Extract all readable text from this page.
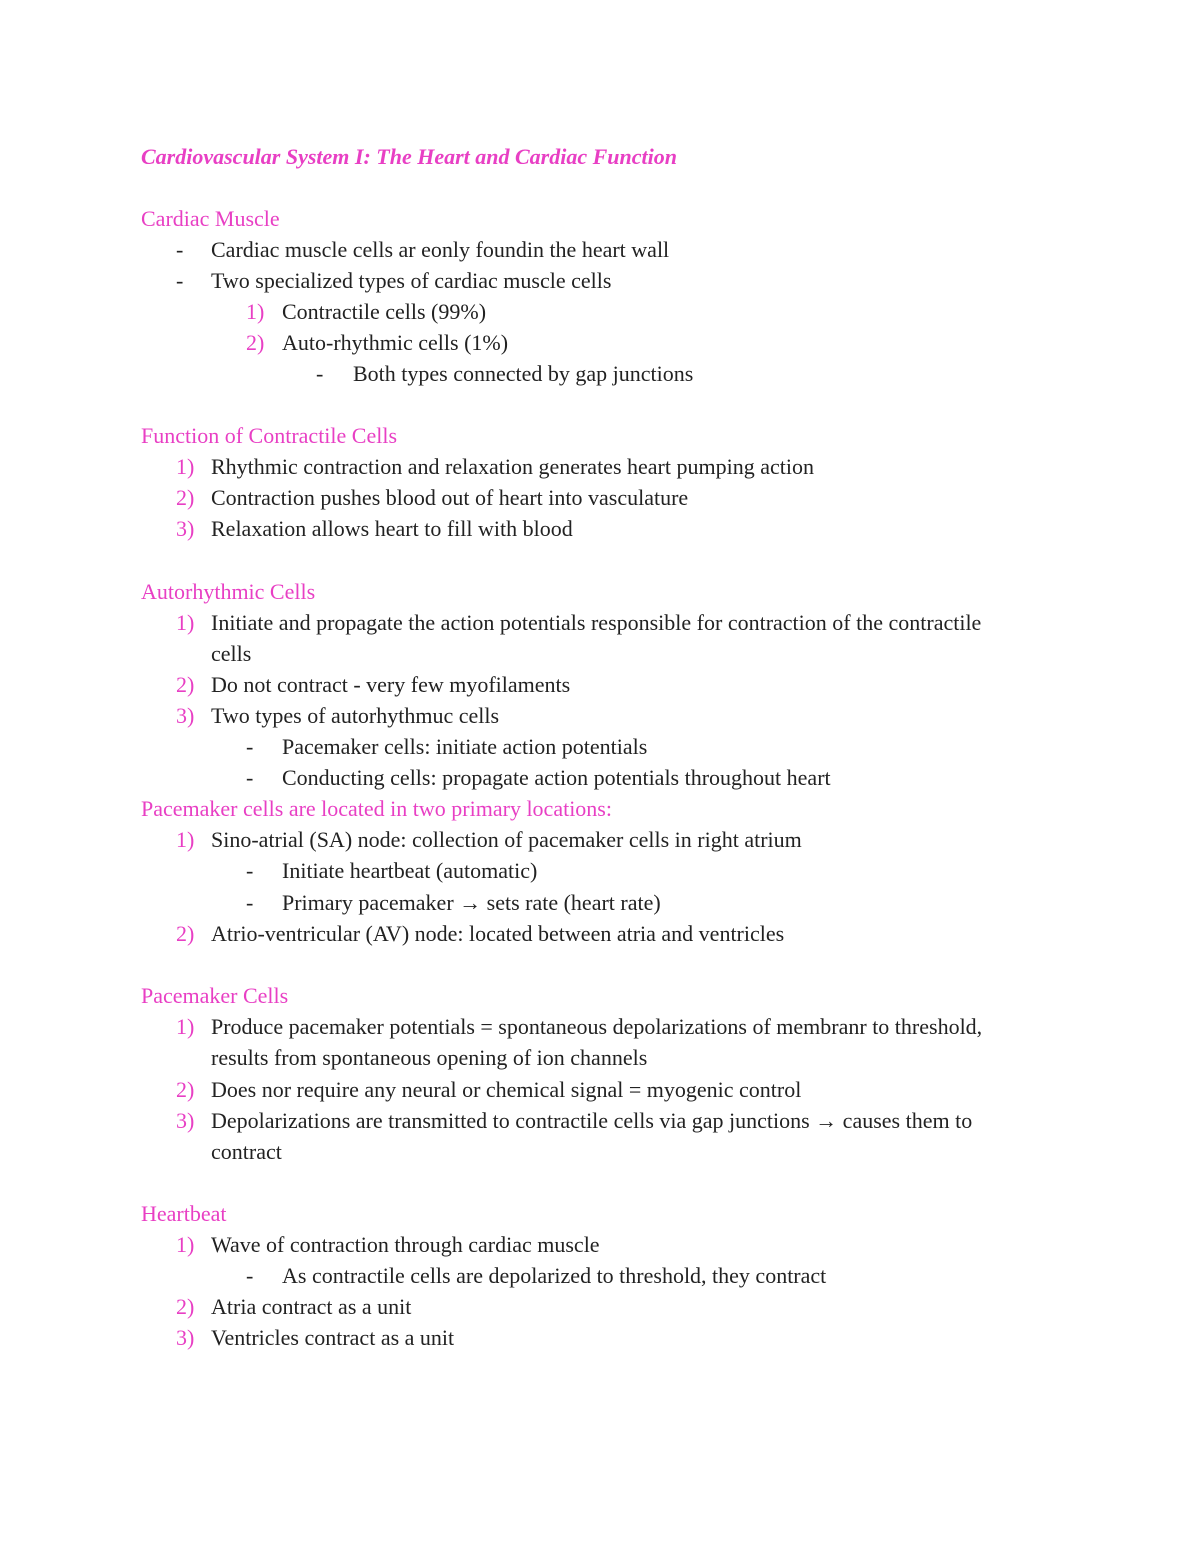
Cardiovascular System I: The Heart and Cardiac Function
Cardiac Muscle
- Cardiac muscle cells ar eonly foundin the heart wall
- Two specialized types of cardiac muscle cells
1) Contractile cells (99%)
2) Auto-rhythmic cells (1%)
- Both types connected by gap junctions
Function of Contractile Cells
1) Rhythmic contraction and relaxation generates heart pumping action
2) Contraction pushes blood out of heart into vasculature
3) Relaxation allows heart to fill with blood
Autorhythmic Cells
1) Initiate and propagate the action potentials responsible for contraction of the contractile
cells
2) Do not contract - very few myofilaments
3) Two types of autorhythmuc cells
- Pacemaker cells: initiate action potentials
- Conducting cells: propagate action potentials throughout heart
Pacemaker cells are located in two primary locations:
1) Sino-atrial (SA) node: collection of pacemaker cells in right atrium
- Initiate heartbeat (automatic)
- Primary pacemaker → sets rate (heart rate)
2) Atrio-ventricular (AV) node: located between atria and ventricles
Pacemaker Cells
1) Produce pacemaker potentials = spontaneous depolarizations of membranr to threshold,
results from spontaneous opening of ion channels
2) Does nor require any neural or chemical signal = myogenic control
3) Depolarizations are transmitted to contractile cells via gap junctions → causes them to
contract
Heartbeat
1) Wave of contraction through cardiac muscle
- As contractile cells are depolarized to threshold, they contract
2) Atria contract as a unit
3) Ventricles contract as a unit
